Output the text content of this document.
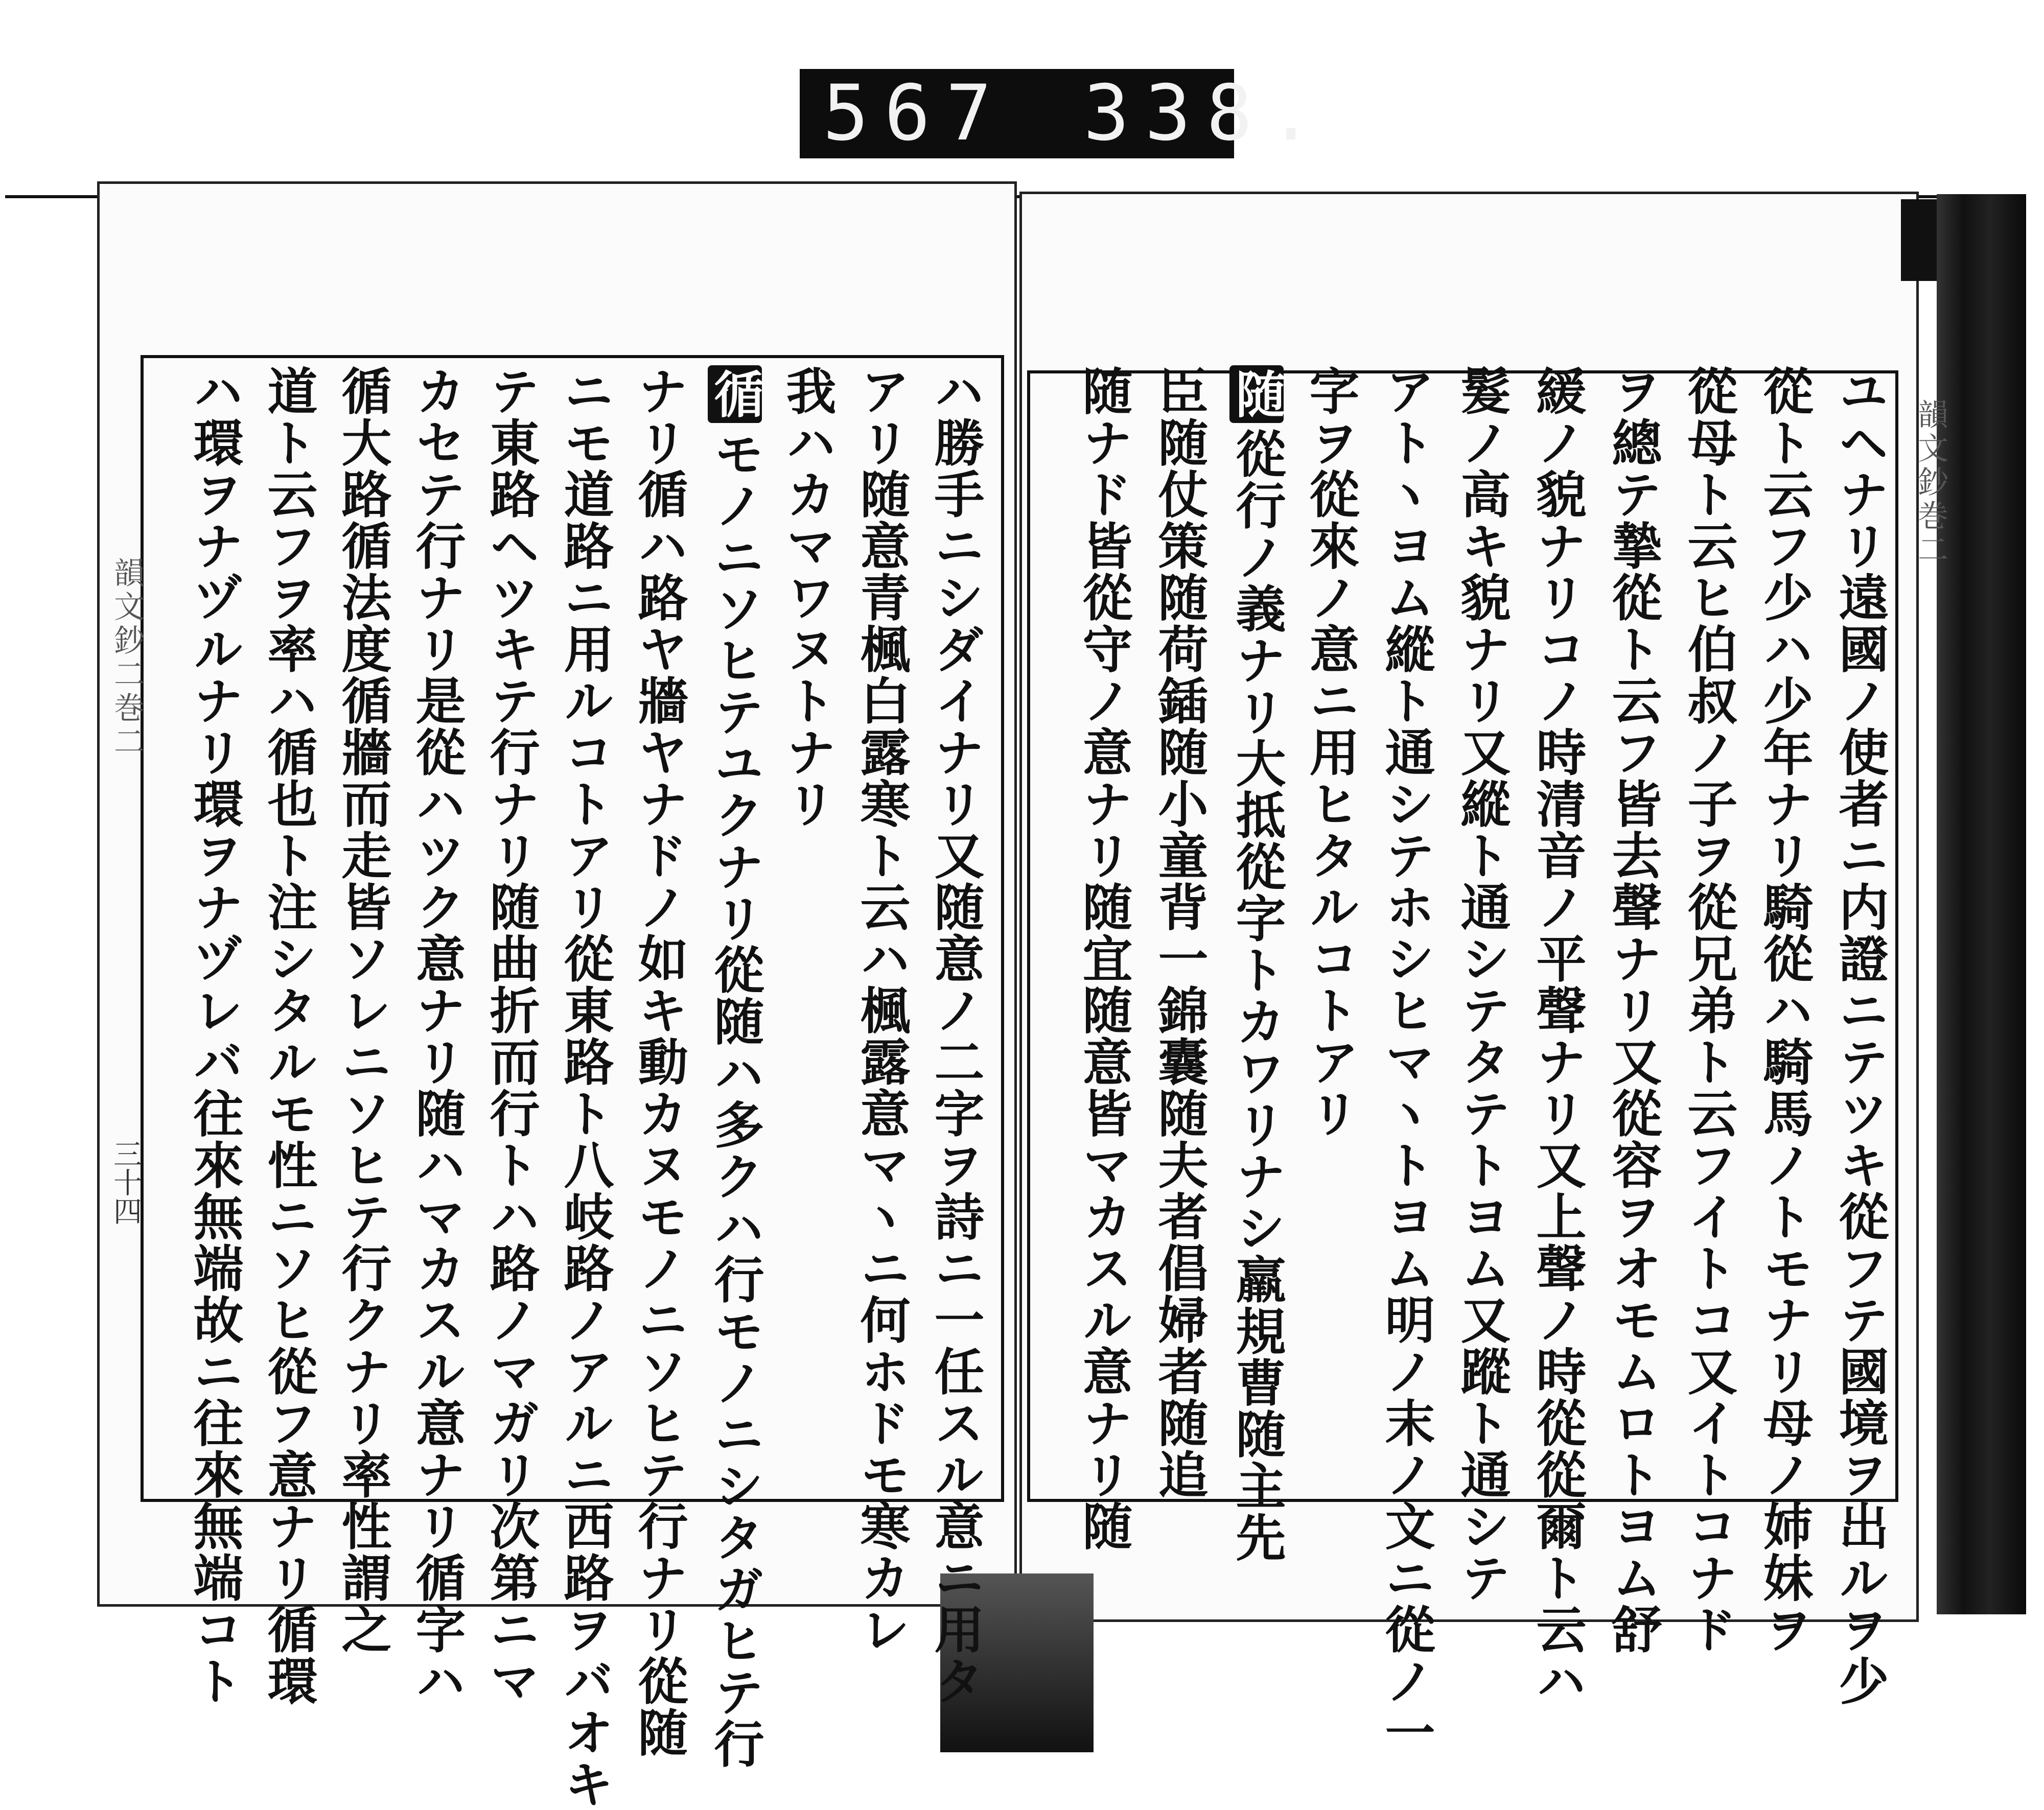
567 338.
韻文鈔二巻二
三十四
韻文鈔巻二
ハ勝手ニシダイナリ又随意ノ二字ヲ詩ニ一任スル意ニ用タ
アリ随意青楓白露寒ト云ハ楓露意マヽニ何ホドモ寒カレ
我ハカマワヌトナリ
循モノニソヒテユクナリ從随ハ多クハ行モノニシタガヒテ行
ナリ循ハ路ヤ牆ヤナドノ如キ動カヌモノニソヒテ行ナリ從随
ニモ道路ニ用ルコトアリ從東路ト八岐路ノアルニ西路ヲバオキ
テ東路ヘツキテ行ナリ随曲折而行トハ路ノマガリ次第ニマ
カセテ行ナリ是從ハツク意ナリ随ハマカスル意ナリ循字ハ
循大路循法度循牆而走皆ソレニソヒテ行クナリ率性謂之
道ト云フヲ率ハ循也ト注シタルモ性ニソヒ從フ意ナリ循環
ハ環ヲナヅルナリ環ヲナヅレバ往來無端故ニ往來無端コト	ユヘナリ遠國ノ使者ニ内證ニテツキ從フテ國境ヲ出ルヲ少
從ト云フ少ハ少年ナリ騎從ハ騎馬ノトモナリ母ノ姉妹ヲ
從母ト云ヒ伯叔ノ子ヲ從兄弟ト云フイトコ又イトコナド
ヲ總テ摯從ト云フ皆去聲ナリ又從容ヲオモムロトヨム舒
緩ノ貌ナリコノ時清音ノ平聲ナリ又上聲ノ時從從爾ト云ハ
髮ノ高キ貌ナリ又縱ト通シテタテトヨム又蹤ト通シテ
アトヽヨム縱ト通シテホシヒマヽトヨム明ノ末ノ文ニ從ノ一
字ヲ從來ノ意ニ用ヒタルコトアリ
随從行ノ義ナリ大抵從字トカワリナシ羸規曹随主先
臣随仗策随荷鍤随小童背一錦囊随夫者倡婦者随追
随ナド皆從守ノ意ナリ随宜随意皆マカスル意ナリ随
